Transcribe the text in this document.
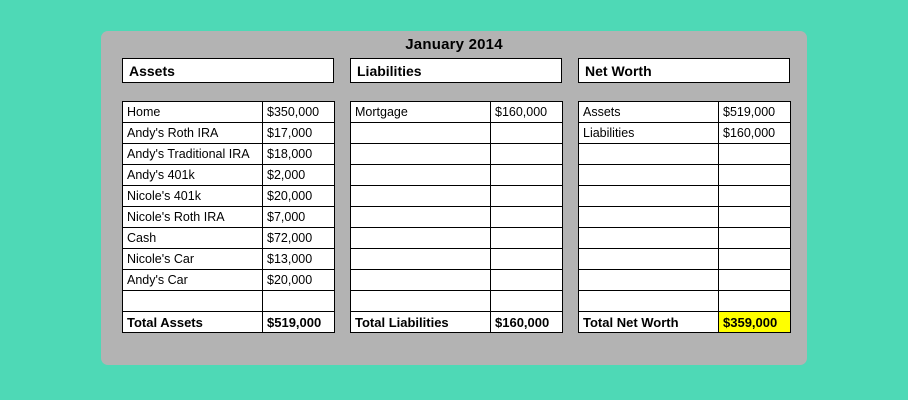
January 2014
Assets
Home	$350,000
Andy's Roth IRA	$17,000
Andy's Traditional IRA	$18,000
Andy's 401k	$2,000
Nicole's 401k	$20,000
Nicole's Roth IRA	$7,000
Cash	$72,000
Nicole's Car	$13,000
Andy's Car	$20,000

Total Assets	$519,000
Liabilities
Mortgage	$160,000

Total Liabilities	$160,000
Net Worth
Assets	$519,000
Liabilities	$160,000

Total Net Worth	$359,000
